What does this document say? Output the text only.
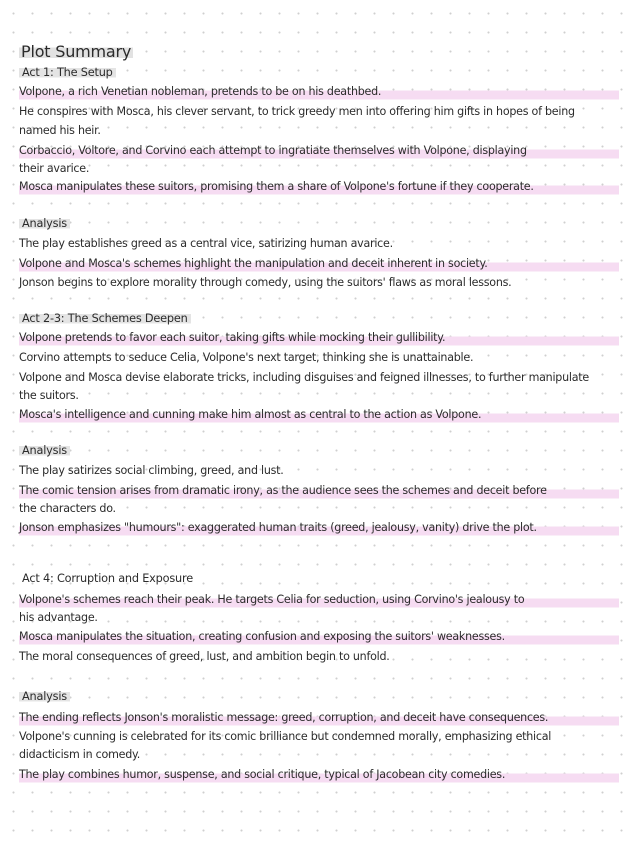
Plot Summary
Act 1: The Setup
Volpone, a rich Venetian nobleman, pretends to be on his deathbed.
He conspires with Mosca, his clever servant, to trick greedy men into offering him gifts in hopes of being
named his heir.
Corbaccio, Voltore, and Corvino each attempt to ingratiate themselves with Volpone, displaying
their avarice.
Mosca manipulates these suitors, promising them a share of Volpone's fortune if they cooperate.
Analysis
The play establishes greed as a central vice, satirizing human avarice.
Volpone and Mosca's schemes highlight the manipulation and deceit inherent in society.
Jonson begins to explore morality through comedy, using the suitors' flaws as moral lessons.
Act 2-3: The Schemes Deepen
Volpone pretends to favor each suitor, taking gifts while mocking their gullibility.
Corvino attempts to seduce Celia, Volpone's next target, thinking she is unattainable.
Volpone and Mosca devise elaborate tricks, including disguises and feigned illnesses, to further manipulate
the suitors.
Mosca's intelligence and cunning make him almost as central to the action as Volpone.
Analysis
The play satirizes social climbing, greed, and lust.
The comic tension arises from dramatic irony, as the audience sees the schemes and deceit before
the characters do.
Jonson emphasizes "humours": exaggerated human traits (greed, jealousy, vanity) drive the plot.
Act 4: Corruption and Exposure
Volpone's schemes reach their peak. He targets Celia for seduction, using Corvino's jealousy to
his advantage.
Mosca manipulates the situation, creating confusion and exposing the suitors' weaknesses.
The moral consequences of greed, lust, and ambition begin to unfold.
Analysis
The ending reflects Jonson's moralistic message: greed, corruption, and deceit have consequences.
Volpone's cunning is celebrated for its comic brilliance but condemned morally, emphasizing ethical
didacticism in comedy.
The play combines humor, suspense, and social critique, typical of Jacobean city comedies.
